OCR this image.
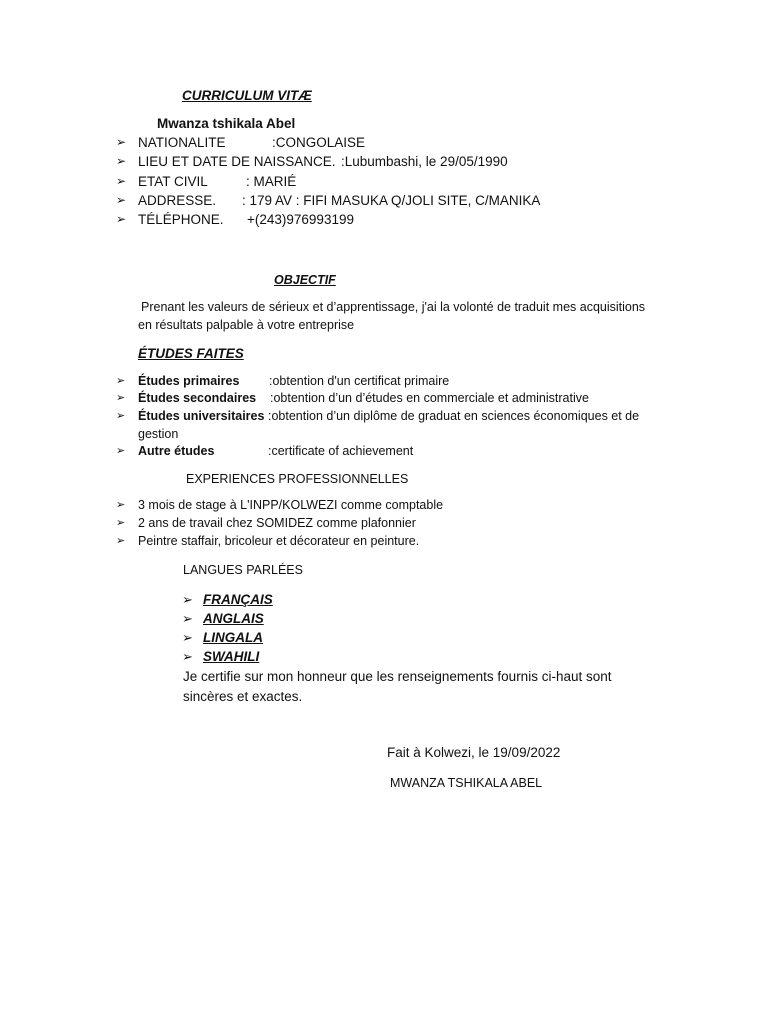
CURRICULUM VITÆ
Mwanza tshikala Abel
➢ NATIONALITE	:CONGOLAISE
➢ LIEU ET DATE DE NAISSANCE. :Lubumbashi, le 29/05/1990
➢ ETAT CIVIL	: MARIÉ
➢ ADDRESSE. : 179 AV : FIFI MASUKA Q/JOLI SITE, C/MANIKA
➢ TÉLÉPHONE. +(243)976993199
OBJECTIF
Prenant les valeurs de sérieux et d’apprentissage, j'ai la volonté de traduit mes acquisitions
en résultats palpable à votre entreprise
ÉTUDES FAITES
➢ Études primaires :obtention d'un certificat primaire
➢ Études secondaires :obtention d’un d’études en commerciale et administrative
➢ Études universitaires :obtention d’un diplôme de graduat en sciences économiques et de
gestion
➢ Autre études	:certificate of achievement
EXPERIENCES PROFESSIONNELLES
➢ 3 mois de stage à L'INPP/KOLWEZI comme comptable
➢ 2 ans de travail chez SOMIDEZ comme plafonnier
➢ Peintre staffair, bricoleur et décorateur en peinture.
LANGUES PARLÉES
➢ FRANÇAIS
➢ ANGLAIS
➢ LINGALA
➢ SWAHILI
Je certifie sur mon honneur que les renseignements fournis ci-haut sont
sincères et exactes.
Fait à Kolwezi, le 19/09/2022
MWANZA TSHIKALA ABEL
